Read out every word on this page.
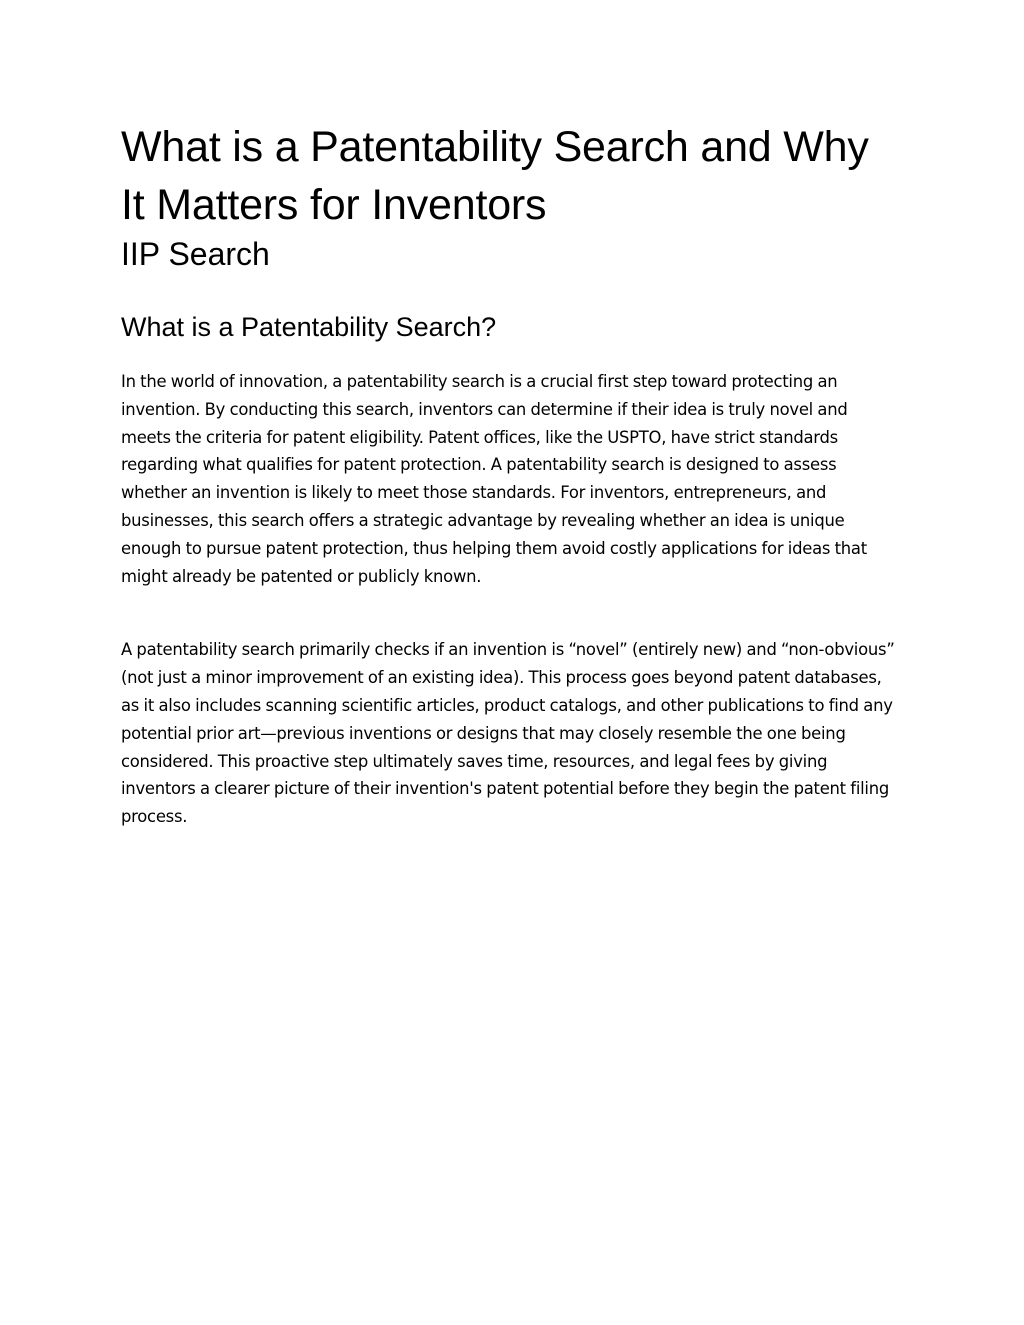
What is a Patentability Search and Why It Matters for Inventors
IIP Search
What is a Patentability Search?

In the world of innovation, a patentability search is a crucial first step toward protecting an invention. By conducting this search, inventors can determine if their idea is truly novel and meets the criteria for patent eligibility. Patent offices, like the USPTO, have strict standards regarding what qualifies for patent protection. A patentability search is designed to assess whether an invention is likely to meet those standards. For inventors, entrepreneurs, and businesses, this search offers a strategic advantage by revealing whether an idea is unique enough to pursue patent protection, thus helping them avoid costly applications for ideas that might already be patented or publicly known.

A patentability search primarily checks if an invention is “novel” (entirely new) and “non-obvious” (not just a minor improvement of an existing idea). This process goes beyond patent databases, as it also includes scanning scientific articles, product catalogs, and other publications to find any potential prior art—previous inventions or designs that may closely resemble the one being considered. This proactive step ultimately saves time, resources, and legal fees by giving inventors a clearer picture of their invention's patent potential before they begin the patent filing process.
